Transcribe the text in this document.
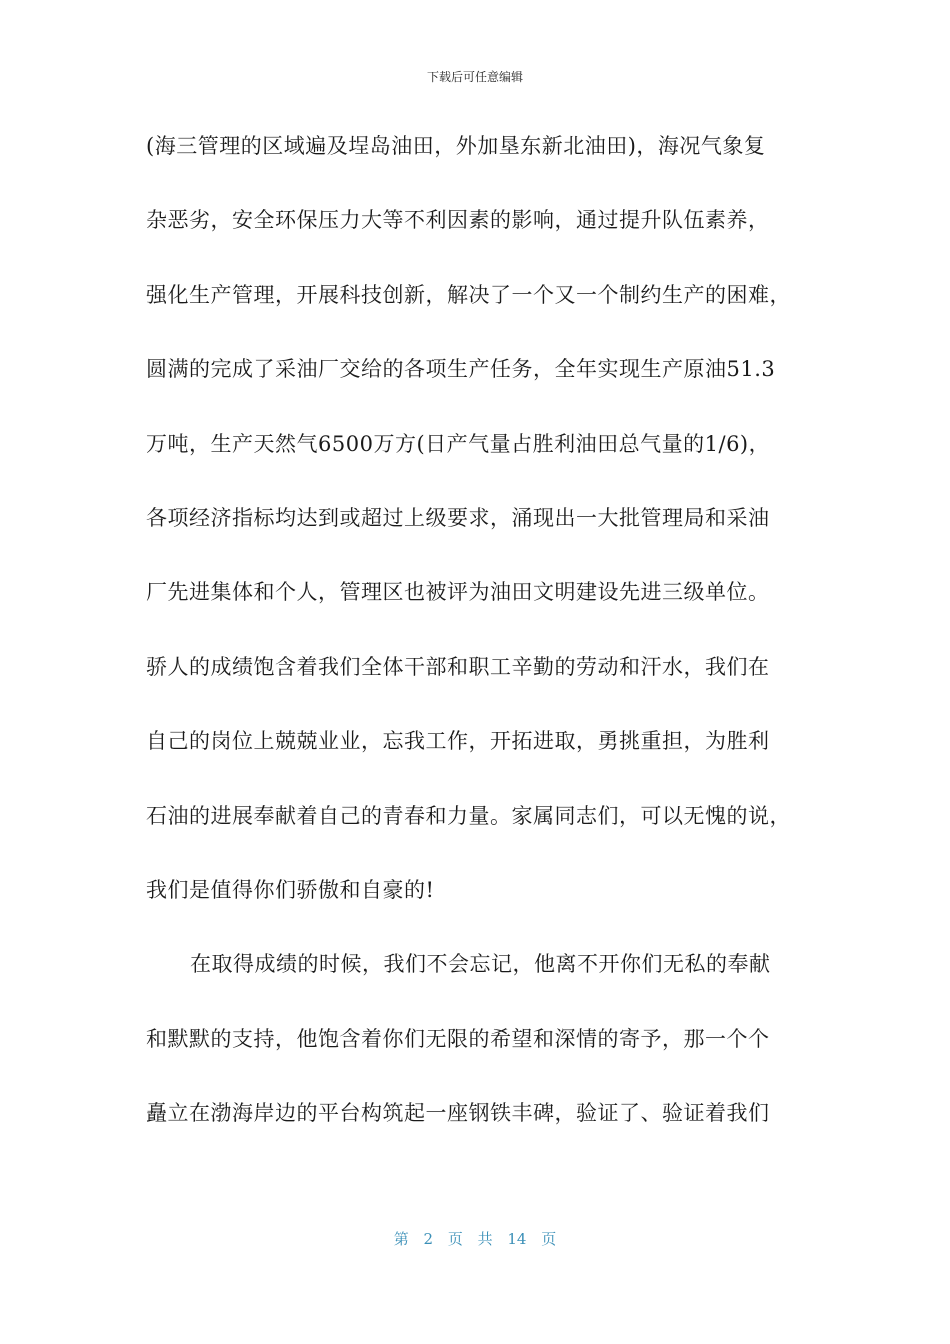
下载后可任意编辑
(海三管理的区域遍及埕岛油田，外加垦东新北油田)，海况气象复
杂恶劣，安全环保压力大等不利因素的影响，通过提升队伍素养，
强化生产管理，开展科技创新，解决了一个又一个制约生产的困难，
圆满的完成了采油厂交给的各项生产任务，全年实现生产原油51.3
万吨，生产天然气6500万方(日产气量占胜利油田总气量的1/6)，
各项经济指标均达到或超过上级要求，涌现出一大批管理局和采油
厂先进集体和个人，管理区也被评为油田文明建设先进三级单位。
骄人的成绩饱含着我们全体干部和职工辛勤的劳动和汗水，我们在
自己的岗位上兢兢业业，忘我工作，开拓进取，勇挑重担，为胜利
石油的进展奉献着自己的青春和力量。家属同志们，可以无愧的说，
我们是值得你们骄傲和自豪的!
在取得成绩的时候，我们不会忘记，他离不开你们无私的奉献
和默默的支持，他饱含着你们无限的希望和深情的寄予，那一个个
矗立在渤海岸边的平台构筑起一座钢铁丰碑，验证了、验证着我们
第 2 页 共 14 页
